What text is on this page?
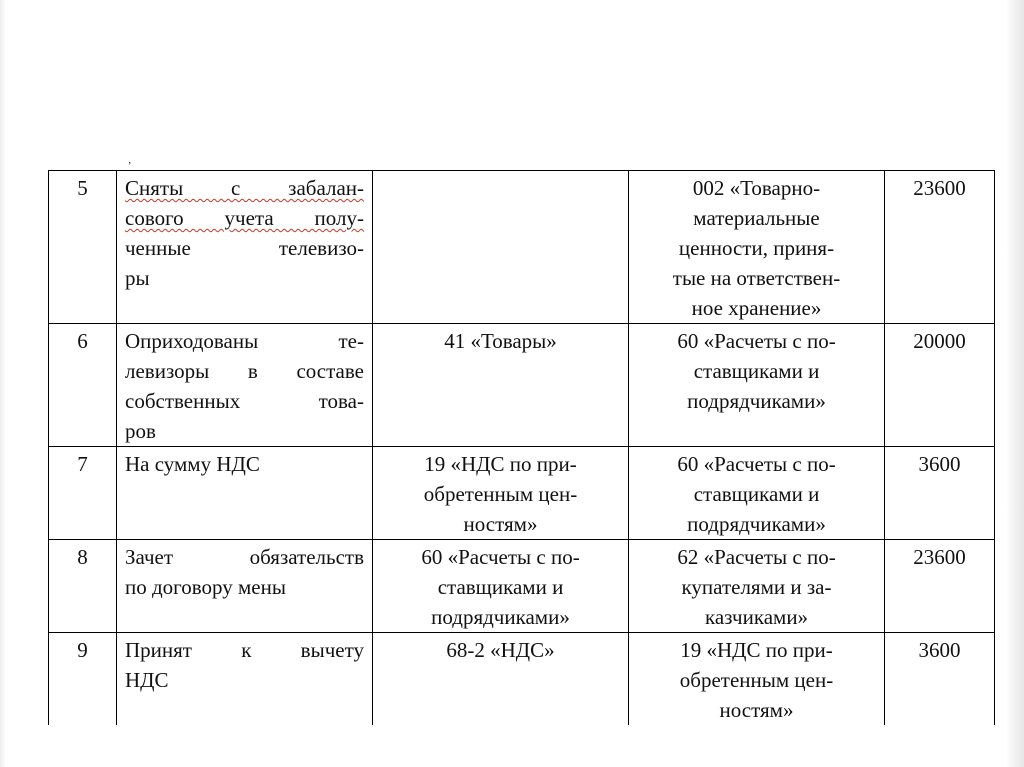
’
5	Сняты с забалан-
сового учета полу-
ченные телевизо-
ры		002 «Товарно-
материальные
ценности, приня-
тые на ответствен-
ное хранение»	23600
6	Оприходованы те-
левизоры в составе
собственных това-
ров	41 «Товары»	60 «Расчеты с по-
ставщиками и
подрядчиками»	20000
7	На сумму НДС	19 «НДС по при-
обретенным цен-
ностям»	60 «Расчеты с по-
ставщиками и
подрядчиками»	3600
8	Зачет обязательств
по договору мены	60 «Расчеты с по-
ставщиками и
подрядчиками»	62 «Расчеты с по-
купателями и за-
казчиками»	23600
9	Принят к вычету
НДС	68-2 «НДС»	19 «НДС по при-
обретенным цен-
ностям»	3600
